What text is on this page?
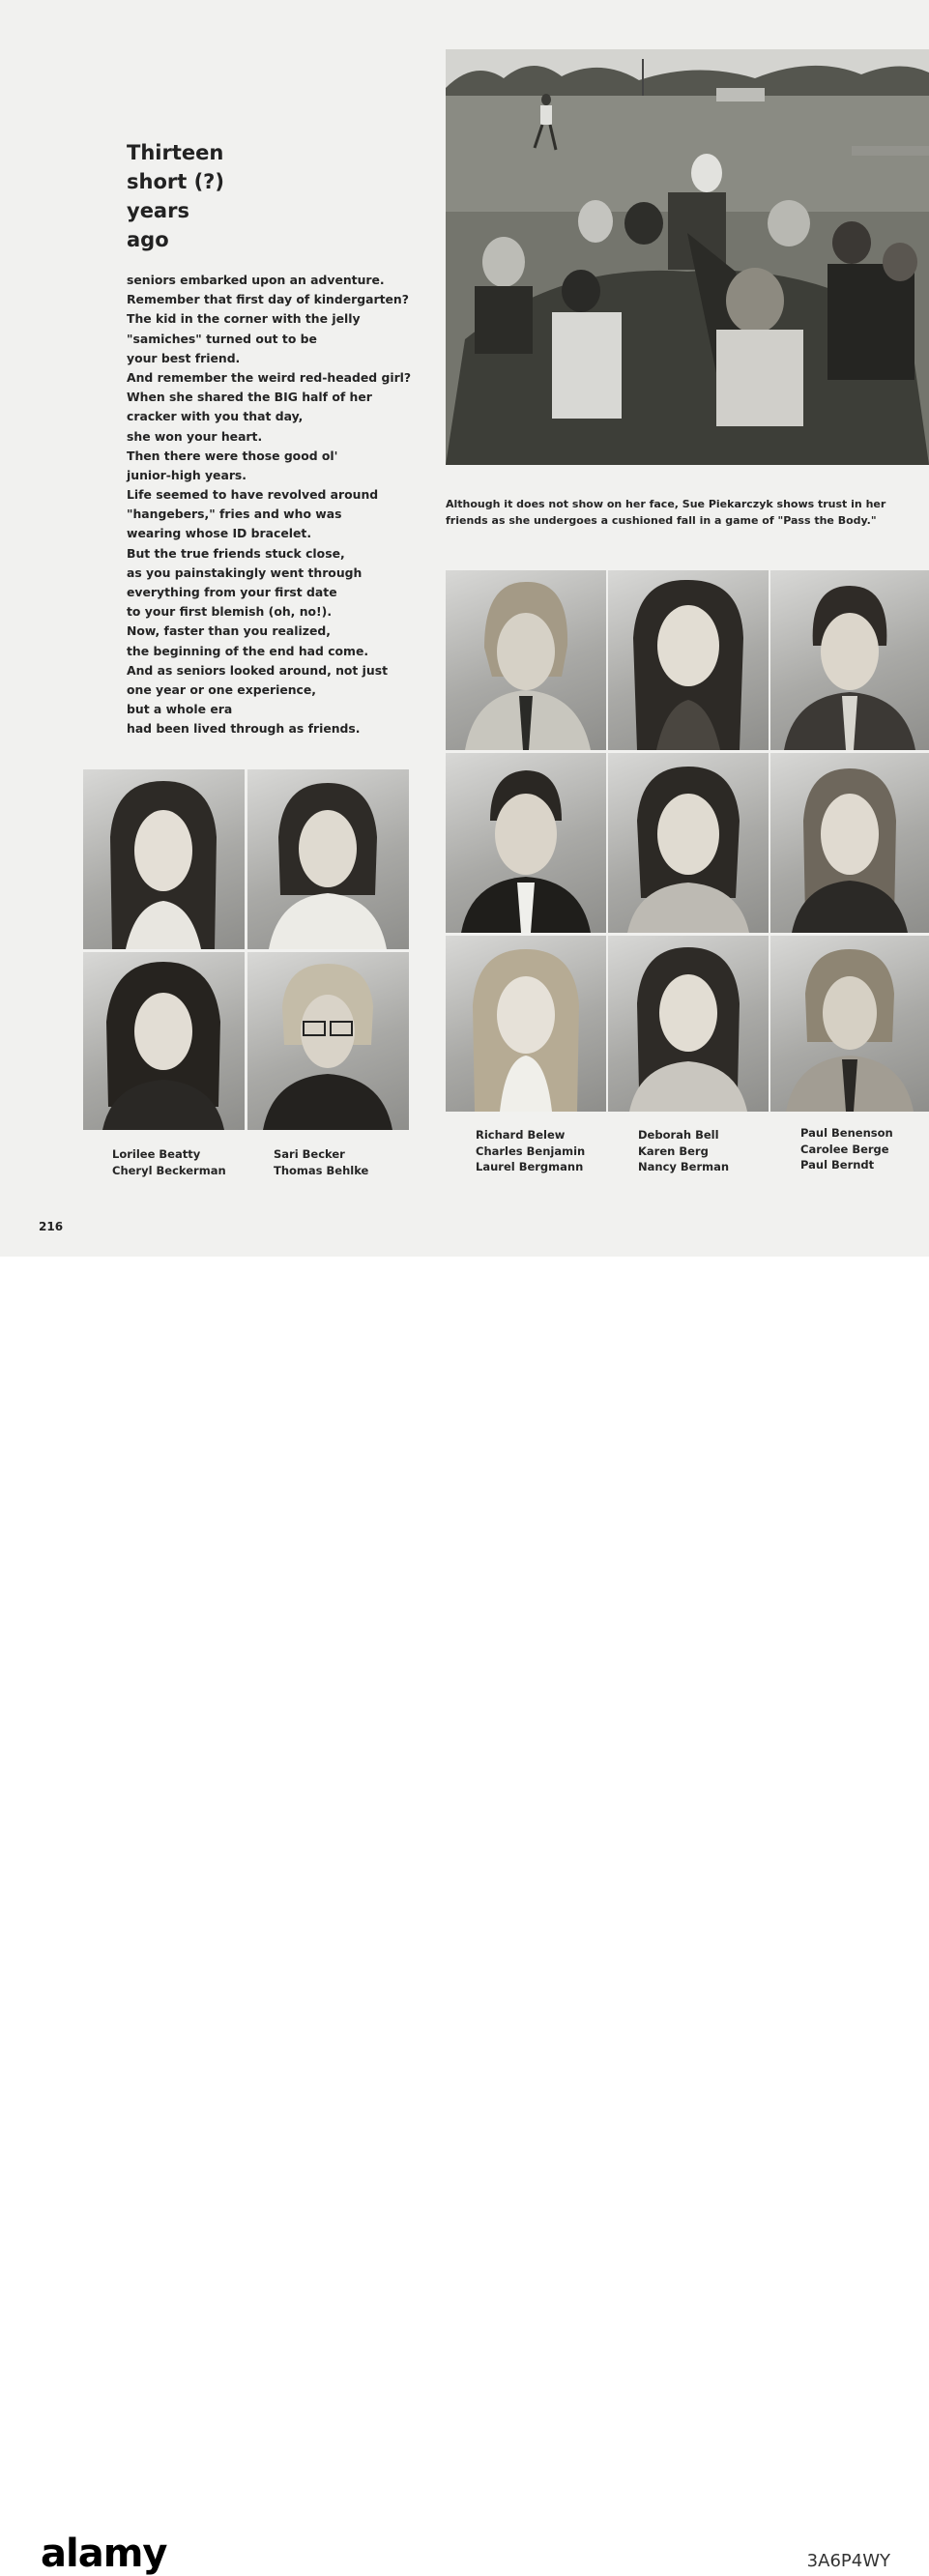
Thirteen
short (?)
years
ago
seniors embarked upon an adventure.
Remember that first day of kindergarten?
The kid in the corner with the jelly
"samiches" turned out to be
your best friend.
And remember the weird red-headed girl?
When she shared the BIG half of her
cracker with you that day,
she won your heart.
Then there were those good ol'
junior-high years.
Life seemed to have revolved around
"hangebers," fries and who was
wearing whose ID bracelet.
But the true friends stuck close,
as you painstakingly went through
everything from your first date
to your first blemish (oh, no!).
Now, faster than you realized,
the beginning of the end had come.
And as seniors looked around, not just
one year or one experience,
but a whole era
had been lived through as friends.
Although it does not show on her face, Sue Piekarczyk shows trust in her
friends as she undergoes a cushioned fall in a game of "Pass the Body."
Lorilee Beatty
Cheryl Beckerman
Sari Becker
Thomas Behlke
Richard Belew
Charles Benjamin
Laurel Bergmann
Deborah Bell
Karen Berg
Nancy Berman
Paul Benenson
Carolee Berge
Paul Berndt
216
alamy	3A6P4WY
